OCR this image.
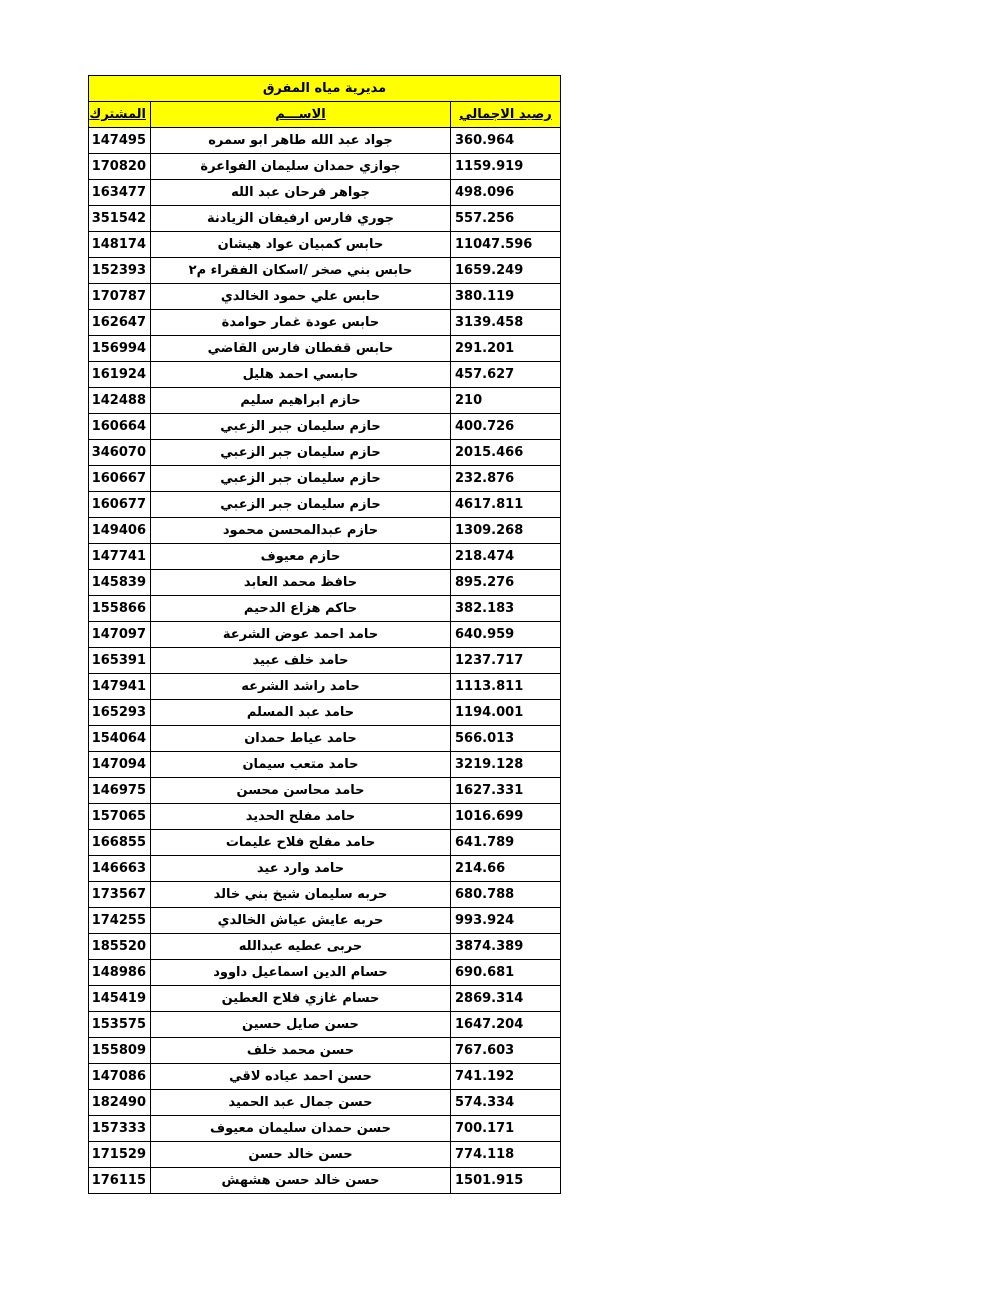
مديرية مياه المفرق		
رصيد الاجمالي	الاســـم	المشترك
360.964	جواد عبد الله طاهر ابو سمره	147495
1159.919	جوازي حمدان سليمان الفواعرة	170820
498.096	جواهر فرحان عبد الله	163477
557.256	جوري فارس ارفيفان الزيادنة	351542
11047.596	حابس كمبيان عواد هيشان	148174
1659.249	حابس بني صخر /اسكان الفقراء م٢	152393
380.119	حابس علي حمود الخالدي	170787
3139.458	حابس عودة غمار حوامدة	162647
291.201	حابس قفطان فارس القاضي	156994
457.627	حابسي احمد هليل	161924
210	حازم ابراهيم سليم	142488
400.726	حازم سليمان جبر الزعبي	160664
2015.466	حازم سليمان جبر الزعبي	346070
232.876	حازم سليمان جبر الزعبي	160667
4617.811	حازم سليمان جبر الزعبي	160677
1309.268	حازم عبدالمحسن محمود	149406
218.474	حازم معيوف	147741
895.276	حافظ محمد العابد	145839
382.183	حاكم هزاع الدحيم	155866
640.959	حامد احمد عوض الشرعة	147097
1237.717	حامد خلف عبيد	165391
1113.811	حامد راشد الشرعه	147941
1194.001	حامد عبد المسلم	165293
566.013	حامد عياط حمدان	154064
3219.128	حامد متعب سيمان	147094
1627.331	حامد محاسن محسن	146975
1016.699	حامد مفلح الحديد	157065
641.789	حامد مفلح فلاح عليمات	166855
214.66	حامد وارد عيد	146663
680.788	حربه سليمان شيخ بني خالد	173567
993.924	حربه عايش عياش الخالدي	174255
3874.389	حربى عطيه عبدالله	185520
690.681	حسام الدين اسماعيل داوود	148986
2869.314	حسام غازي فلاح العطين	145419
1647.204	حسن صايل حسين	153575
767.603	حسن محمد خلف	155809
741.192	حسن احمد عياده لاقي	147086
574.334	حسن جمال عبد الحميد	182490
700.171	حسن حمدان سليمان معيوف	157333
774.118	حسن خالد حسن	171529
1501.915	حسن خالد حسن هشهش	176115
